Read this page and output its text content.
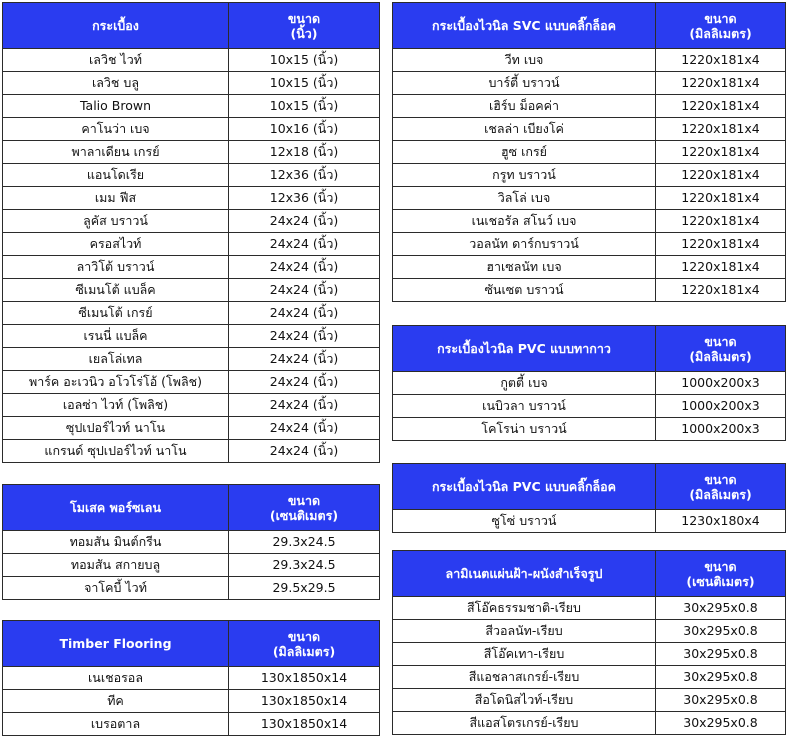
กระเบื้อง	ขนาด
(นิ้ว)
เลวิช ไวท์	10x15 (นิ้ว)
เลวิช บลู	10x15 (นิ้ว)
Talio Brown	10x15 (นิ้ว)
คาโนว่า เบจ	10x16 (นิ้ว)
พาลาเดียน เกรย์	12x18 (นิ้ว)
แอนโดเรีย	12x36 (นิ้ว)
เมม ฟีส	12x36 (นิ้ว)
ลูคัส บราวน์	24x24 (นิ้ว)
ครอสไวท์	24x24 (นิ้ว)
ลาวิโต้ บราวน์	24x24 (นิ้ว)
ซีเมนโต้ แบล็ค	24x24 (นิ้ว)
ซีเมนโต้ เกรย์	24x24 (นิ้ว)
เรนนี่ แบล็ค	24x24 (นิ้ว)
เยลโล่เทล	24x24 (นิ้ว)
พาร์ค อะเวนิว อโวโร่โอ้ (โพลิช)	24x24 (นิ้ว)
เอลซ่า ไวท์ (โพลิช)	24x24 (นิ้ว)
ซุปเปอร์ไวท์ นาโน	24x24 (นิ้ว)
แกรนด์ ซุปเปอร์ไวท์ นาโน	24x24 (นิ้ว)
โมเสค พอร์ซเลน	ขนาด
(เซนติเมตร)
ทอมสัน มินต์กรีน	29.3x24.5
ทอมสัน สกายบลู	29.3x24.5
จาโคบี้ ไวท์	29.5x29.5
Timber Flooring	ขนาด
(มิลลิเมตร)
เนเชอรอล	130x1850x14
ทีค	130x1850x14
เบรอตาล	130x1850x14
กระเบื้องไวนิล SVC แบบคลิ๊กล็อค	ขนาด
(มิลลิเมตร)
วีท เบจ	1220x181x4
บาร์ตี้ บราวน์	1220x181x4
เฮิร์บ ม็อคค่า	1220x181x4
เชลล่า เบียงโค่	1220x181x4
ฮูซ เกรย์	1220x181x4
กรูท บราวน์	1220x181x4
วิลโล่ เบจ	1220x181x4
เนเชอรัล สโนว์ เบจ	1220x181x4
วอลนัท ดาร์กบราวน์	1220x181x4
ฮาเซลนัท เบจ	1220x181x4
ซันเซต บราวน์	1220x181x4
กระเบื้องไวนิล PVC แบบทากาว	ขนาด
(มิลลิเมตร)
กูตตี้ เบจ	1000x200x3
เนบิวลา บราวน์	1000x200x3
โคโรน่า บราวน์	1000x200x3
กระเบื้องไวนิล PVC แบบคลิ๊กล็อค	ขนาด
(มิลลิเมตร)
ซูโซ่ บราวน์	1230x180x4
ลามิเนตแผ่นฝ้า-ผนังสำเร็จรูป	ขนาด
(เซนติเมตร)
สีโอ๊คธรรมชาติ-เรียบ	30x295x0.8
สีวอลนัท-เรียบ	30x295x0.8
สีโอ๊คเทา-เรียบ	30x295x0.8
สีแอชลาสเกรย์-เรียบ	30x295x0.8
สีอโดนิสไวท์-เรียบ	30x295x0.8
สีแอสโตรเกรย์-เรียบ	30x295x0.8
